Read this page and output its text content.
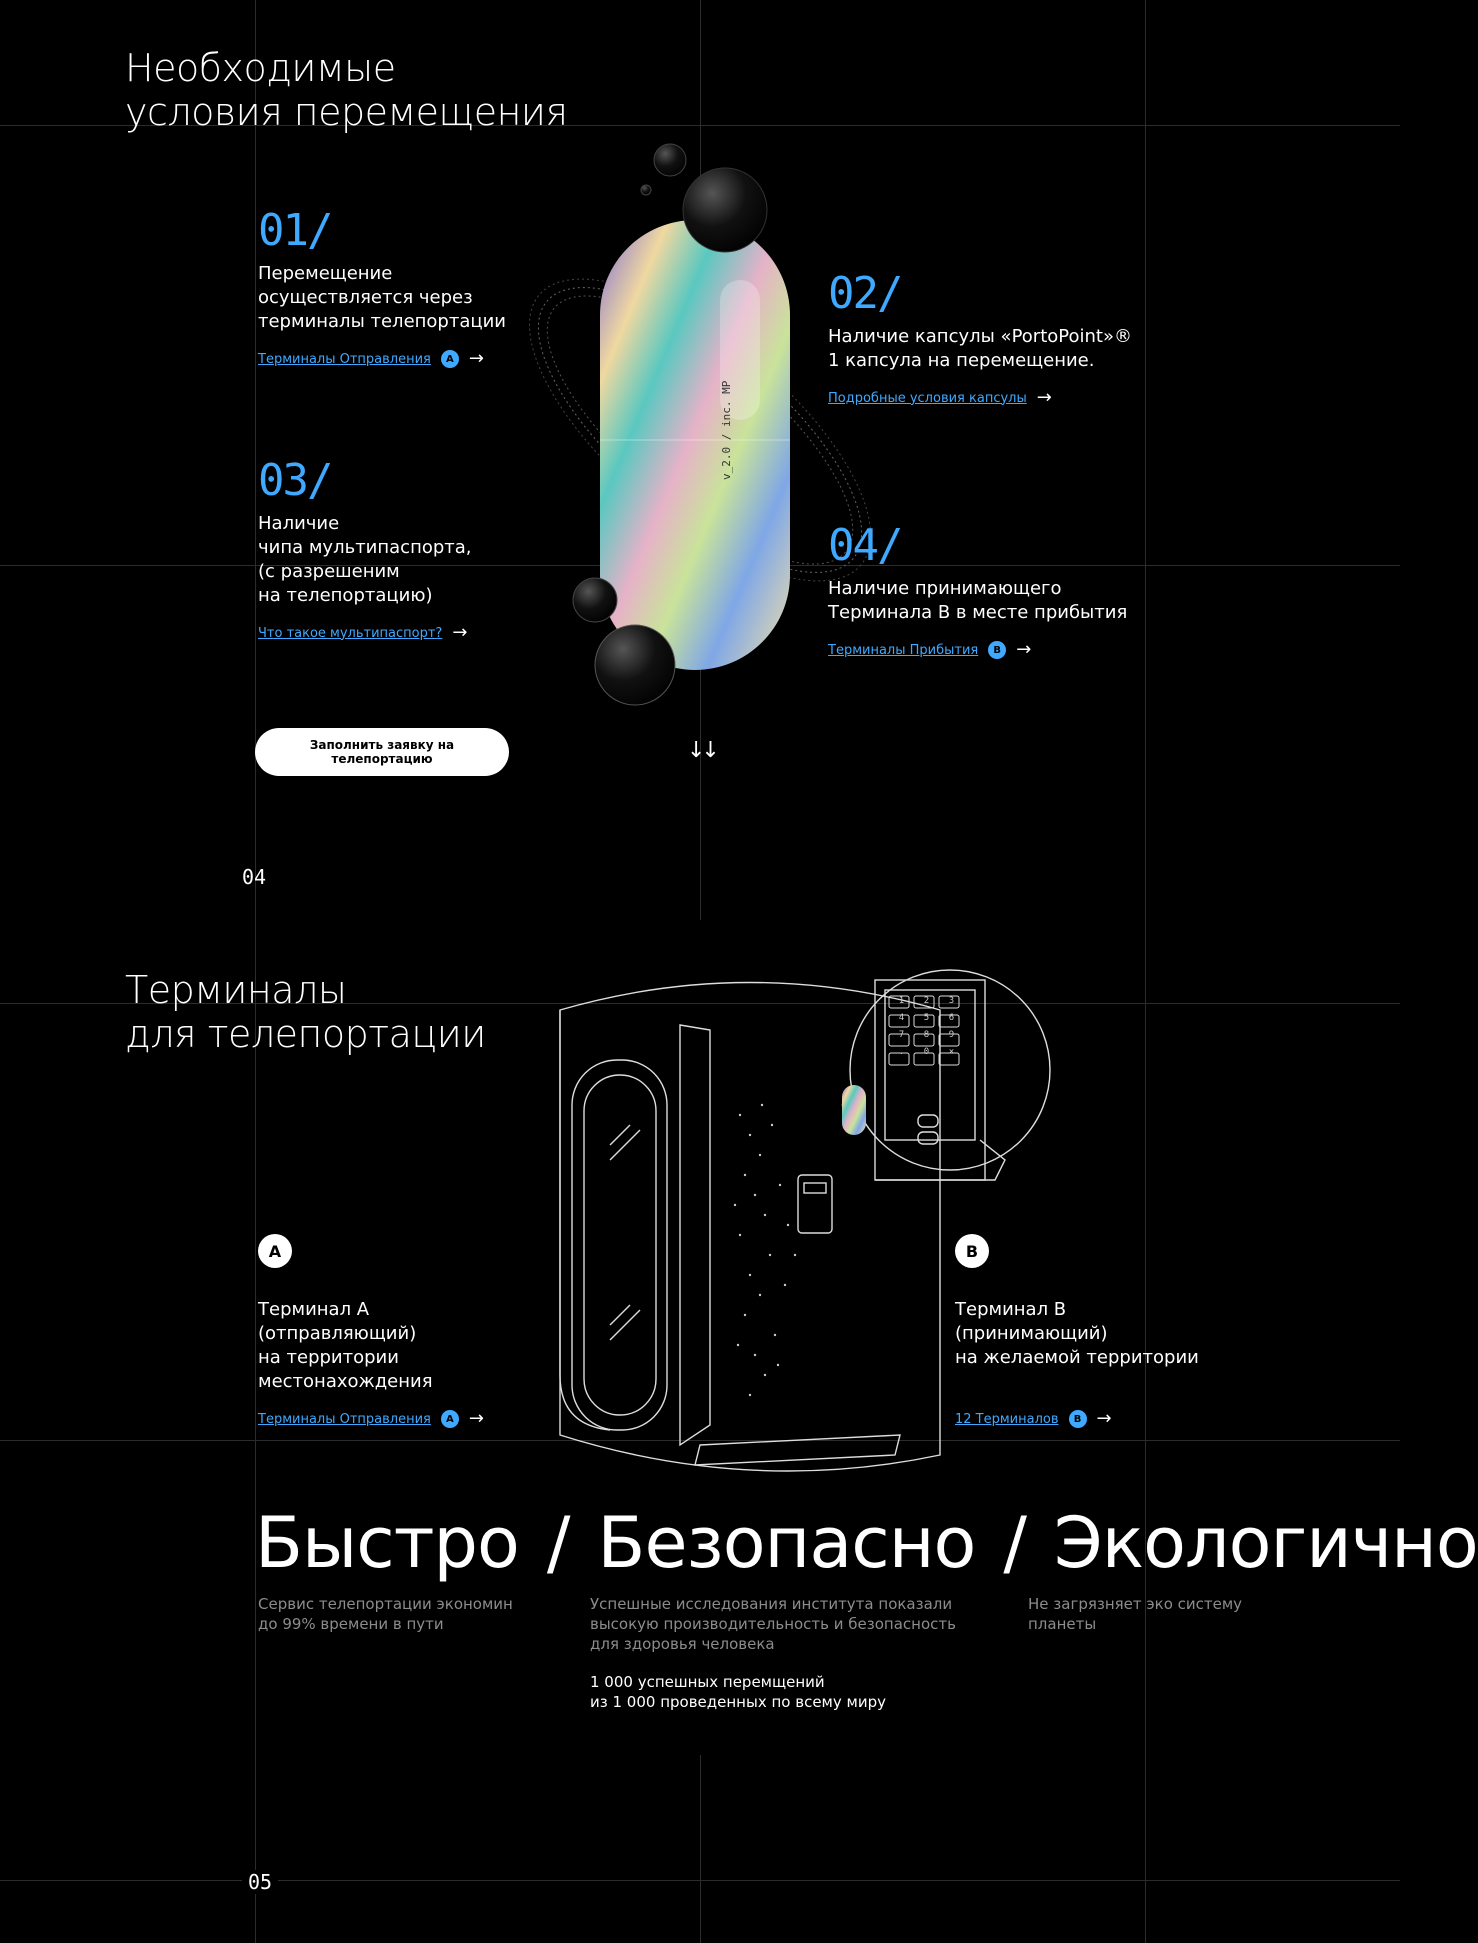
Необходимые
условия перемещения
v_2.0 / inc. MP
01/
Перемещение
осуществляется через
терминалы телепортации
Терминалы Отправления	A →
02/
Наличие капсулы «PortoPoint»®
1 капсула на перемещение.
Подробные условия капсулы →
03/
Наличие
чипа мультипаспорта,
(с разрешеним
на телепортацию)
Что такое мультипаспорт? →
04/
Наличие принимающего
Терминала B в месте прибытия
Терминалы Прибытия	B →
Заполнить заявку на телепортацию	↓↓
04
Терминалы
для телепортации
1	2	3
4	5	6
7	8	9
.	0	×
A
Терминал A
(отправляющий)
на территории
местонахождения
Терминалы Отправления	A →
B
Терминал B
(принимающий)
на желаемой территории
12 Терминалов	B →
Быстро / Безопасно / Экологично
Сервис телепортации экономин
до 99% времени в пути
Успешные исследования института показали
высокую производительность и безопасность
для здоровья человека
1 000 успешных перемщений
из 1 000 проведенных по всему миру
Не загрязняет эко систему
планеты
05
